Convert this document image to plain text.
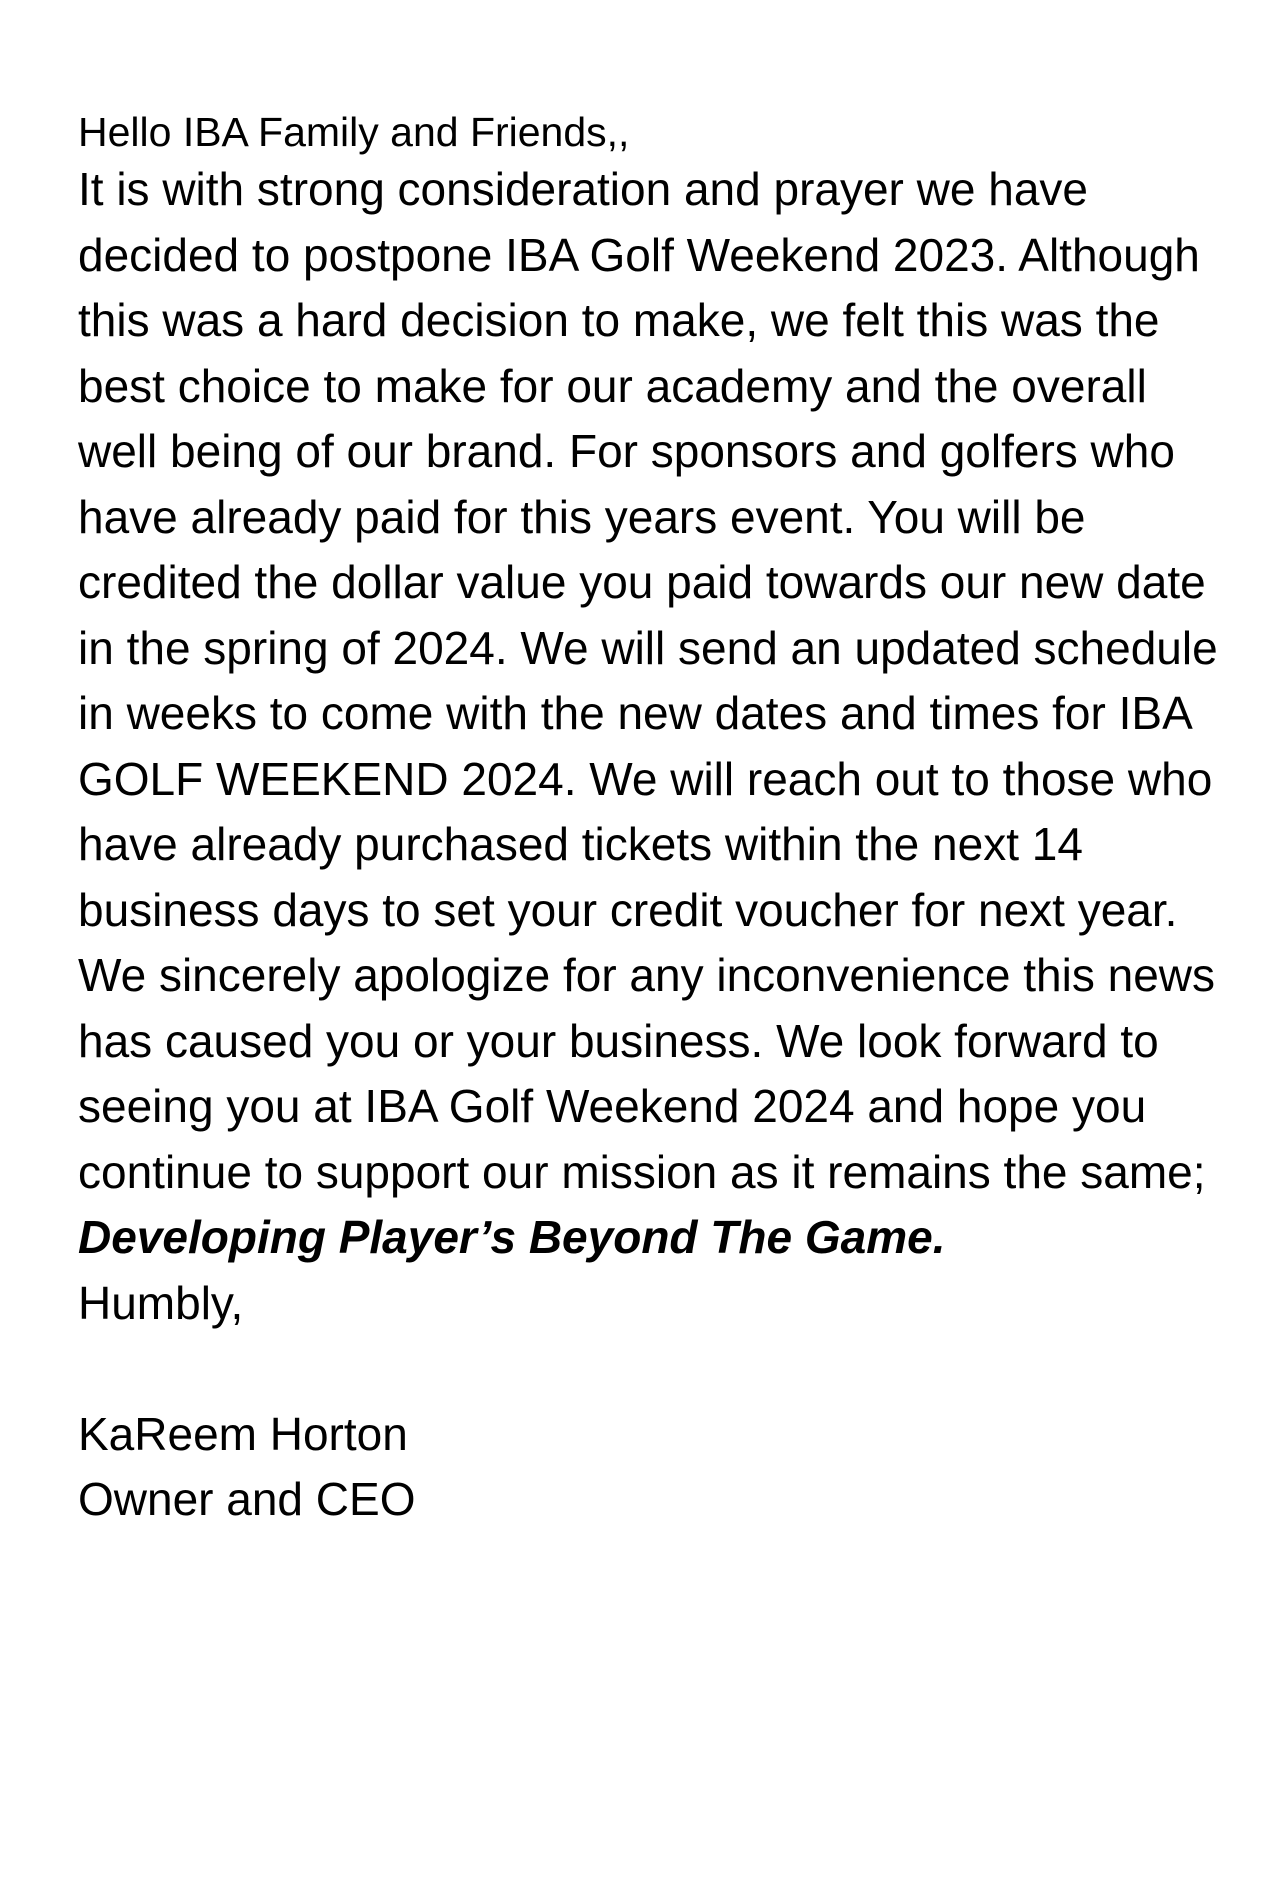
Hello IBA Family and Friends,,

It is with strong consideration and prayer we have decided to postpone IBA Golf Weekend 2023. Although this was a hard decision to make, we felt this was the best choice to make for our academy and the overall well being of our brand. For sponsors and golfers who have already paid for this years event. You will be credited the dollar value you paid towards our new date in the spring of 2024. We will send an updated schedule in weeks to come with the new dates and times for IBA GOLF WEEKEND 2024. We will reach out to those who have already purchased tickets within the next 14 business days to set your credit voucher for next year. We sincerely apologize for any inconvenience this news has caused you or your business. We look forward to seeing you at IBA Golf Weekend 2024 and hope you continue to support our mission as it remains the same; Developing Player’s Beyond The Game.

Humbly,

KaReem Horton

Owner and CEO
